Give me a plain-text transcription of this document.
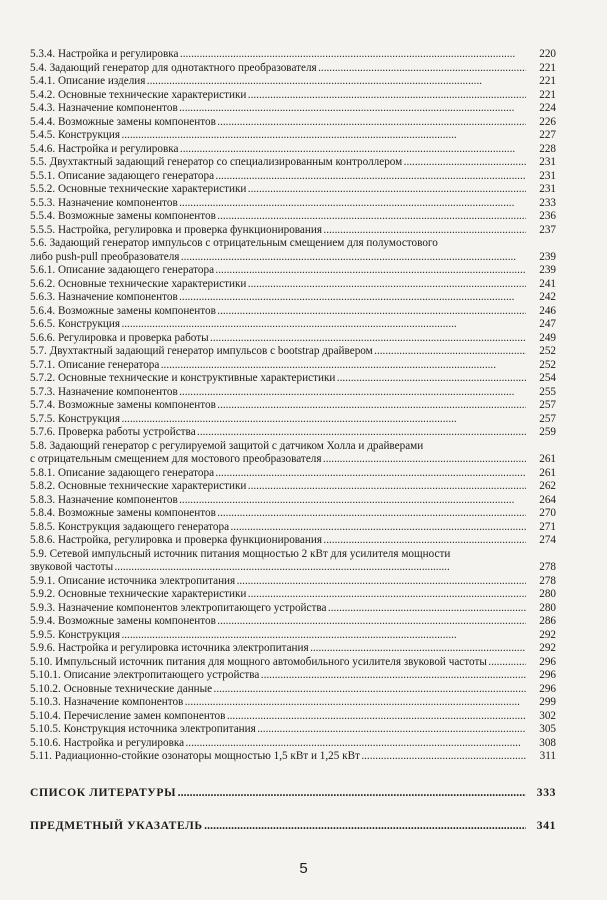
5.3.4. Настройка и регулировка . . .	220
5.4. Задающий генератор для однотактного преобразователя . . .	221
5.4.1. Описание изделия . . .	221
5.4.2. Основные технические характеристики . . .	221
5.4.3. Назначение компонентов . . .	224
5.4.4. Возможные замены компонентов . . .	226
5.4.5. Конструкция . . .	227
5.4.6. Настройка и регулировка . . .	228
5.5. Двухтактный задающий генератор со специализированным контроллером . . .	231
5.5.1. Описание задающего генератора . . .	231
5.5.2. Основные технические характеристики . . .	231
5.5.3. Назначение компонентов . . .	233
5.5.4. Возможные замены компонентов . . .	236
5.5.5. Настройка, регулировка и проверка функционирования . . .	237
5.6. Задающий генератор импульсов с отрицательным смещением для полумостового
либо push-pull преобразователя . . .	239
5.6.1. Описание задающего генератора . . .	239
5.6.2. Основные технические характеристики . . .	241
5.6.3. Назначение компонентов . . .	242
5.6.4. Возможные замены компонентов . . .	246
5.6.5. Конструкция . . .	247
5.6.6. Регулировка и проверка работы . . .	249
5.7. Двухтактный задающий генератор импульсов с bootstrap драйвером . . .	252
5.7.1. Описание генератора . . .	252
5.7.2. Основные технические и конструктивные характеристики . . .	254
5.7.3. Назначение компонентов . . .	255
5.7.4. Возможные замены компонентов . . .	257
5.7.5. Конструкция . . .	257
5.7.6. Проверка работы устройства . . .	259
5.8. Задающий генератор с регулируемой защитой с датчиком Холла и драйверами
с отрицательным смещением для мостового преобразователя . . .	261
5.8.1. Описание задающего генератора . . .	261
5.8.2. Основные технические характеристики . . .	262
5.8.3. Назначение компонентов . . .	264
5.8.4. Возможные замены компонентов . . .	270
5.8.5. Конструкция задающего генератора . . .	271
5.8.6. Настройка, регулировка и проверка функционирования . . .	274
5.9. Сетевой импульсный источник питания мощностью 2 кВт для усилителя мощности
звуковой частоты . . .	278
5.9.1. Описание источника электропитания . . .	278
5.9.2. Основные технические характеристики . . .	280
5.9.3. Назначение компонентов электропитающего устройства . . .	280
5.9.4. Возможные замены компонентов . . .	286
5.9.5. Конструкция . . .	292
5.9.6. Настройка и регулировка источника электропитания . . .	292
5.10. Импульсный источник питания для мощного автомобильного усилителя звуковой частоты . . .	296
5.10.1. Описание электропитающего устройства . . .	296
5.10.2. Основные технические данные . . .	296
5.10.3. Назначение компонентов . . .	299
5.10.4. Перечисление замен компонентов . . .	302
5.10.5. Конструкция источника электропитания . . .	305
5.10.6. Настройка и регулировка . . .	308
5.11. Радиационно-стойкие озонаторы мощностью 1,5 кВт и 1,25 кВт . . .	311
СПИСОК ЛИТЕРАТУРЫ . . .	333
ПРЕДМЕТНЫЙ УКАЗАТЕЛЬ . . .	341
5
